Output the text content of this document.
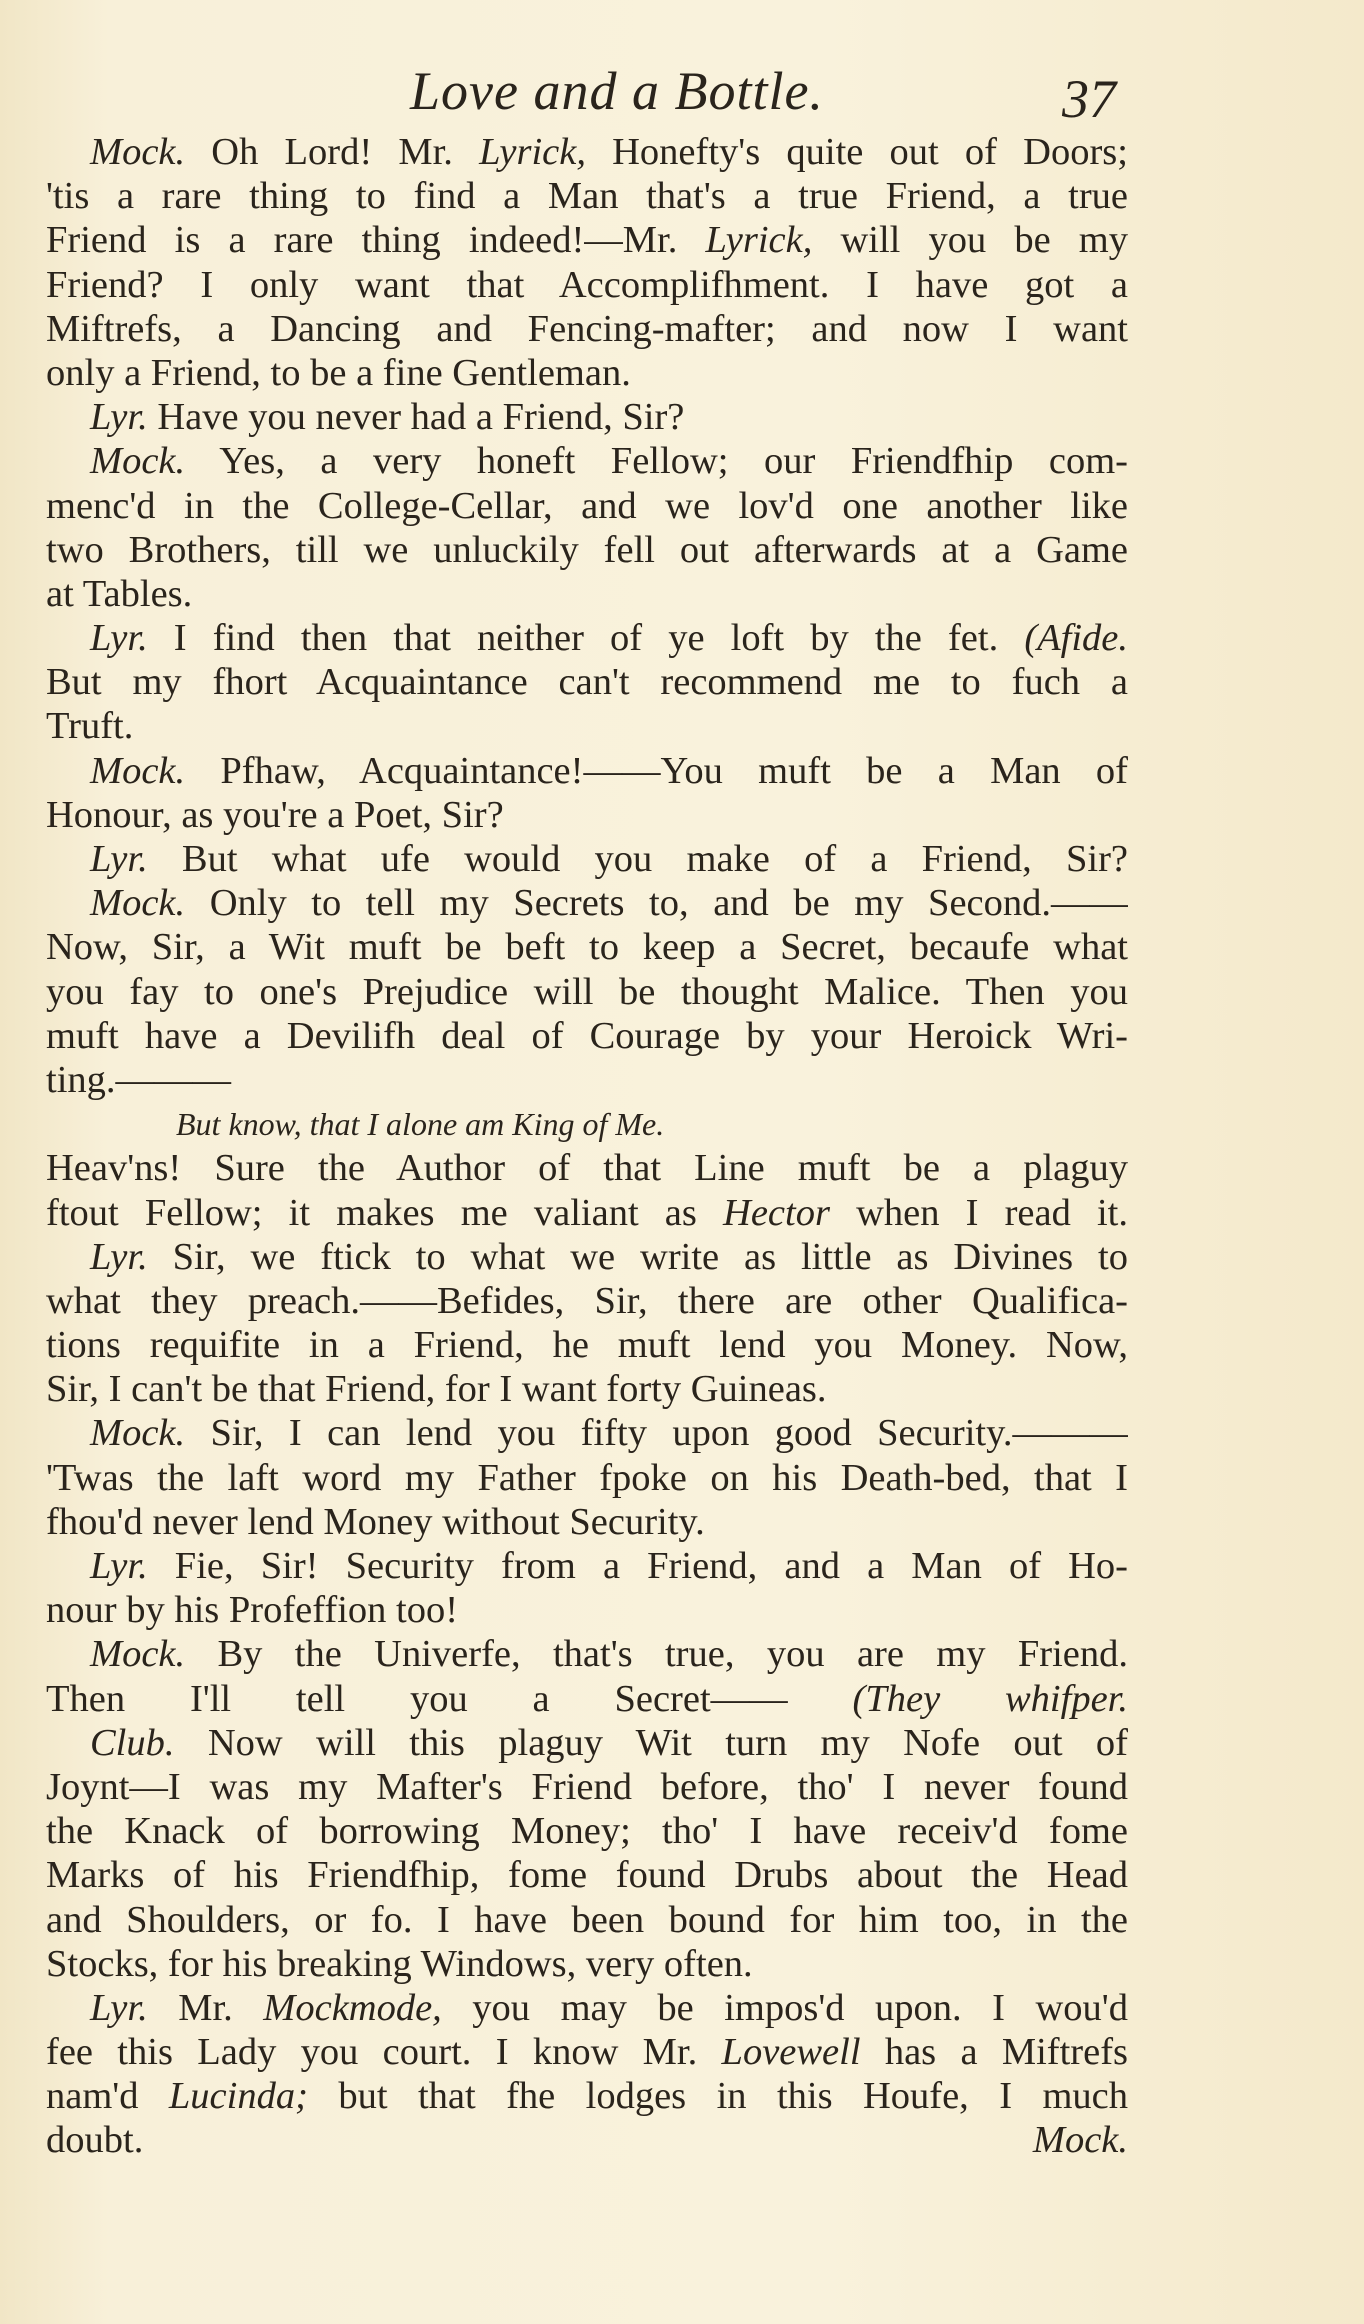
Love and a Bottle.	37
Mock. Oh Lord! Mr. Lyrick, Honefty's quite out of Doors;
'tis a rare thing to find a Man that's a true Friend, a true
Friend is a rare thing indeed!—Mr. Lyrick, will you be my
Friend? I only want that Accomplifhment. I have got a
Miftrefs, a Dancing and Fencing-mafter; and now I want
only a Friend, to be a fine Gentleman.
Lyr. Have you never had a Friend, Sir?
Mock. Yes, a very honeft Fellow; our Friendfhip com-
menc'd in the College-Cellar, and we lov'd one another like
two Brothers, till we unluckily fell out afterwards at a Game
at Tables.
Lyr. I find then that neither of ye loft by the fet. (Afide.
But my fhort Acquaintance can't recommend me to fuch a
Truft.
Mock. Pfhaw, Acquaintance!——You muft be a Man of
Honour, as you're a Poet, Sir?
Lyr. But what ufe would you make of a Friend, Sir?
Mock. Only to tell my Secrets to, and be my Second.——
Now, Sir, a Wit muft be beft to keep a Secret, becaufe what
you fay to one's Prejudice will be thought Malice. Then you
muft have a Devilifh deal of Courage by your Heroick Wri-
ting.———
But know, that I alone am King of Me.
Heav'ns! Sure the Author of that Line muft be a plaguy
ftout Fellow; it makes me valiant as Hector when I read it.
Lyr. Sir, we ftick to what we write as little as Divines to
what they preach.——Befides, Sir, there are other Qualifica-
tions requifite in a Friend, he muft lend you Money. Now,
Sir, I can't be that Friend, for I want forty Guineas.
Mock. Sir, I can lend you fifty upon good Security.———
'Twas the laft word my Father fpoke on his Death-bed, that I
fhou'd never lend Money without Security.
Lyr. Fie, Sir! Security from a Friend, and a Man of Ho-
nour by his Profeffion too!
Mock. By the Univerfe, that's true, you are my Friend.
Then I'll tell you a Secret—— (They whifper.
Club. Now will this plaguy Wit turn my Nofe out of
Joynt—I was my Mafter's Friend before, tho' I never found
the Knack of borrowing Money; tho' I have receiv'd fome
Marks of his Friendfhip, fome found Drubs about the Head
and Shoulders, or fo. I have been bound for him too, in the
Stocks, for his breaking Windows, very often.
Lyr. Mr. Mockmode, you may be impos'd upon. I wou'd
fee this Lady you court. I know Mr. Lovewell has a Miftrefs
nam'd Lucinda; but that fhe lodges in this Houfe, I much
doubt.	Mock.
